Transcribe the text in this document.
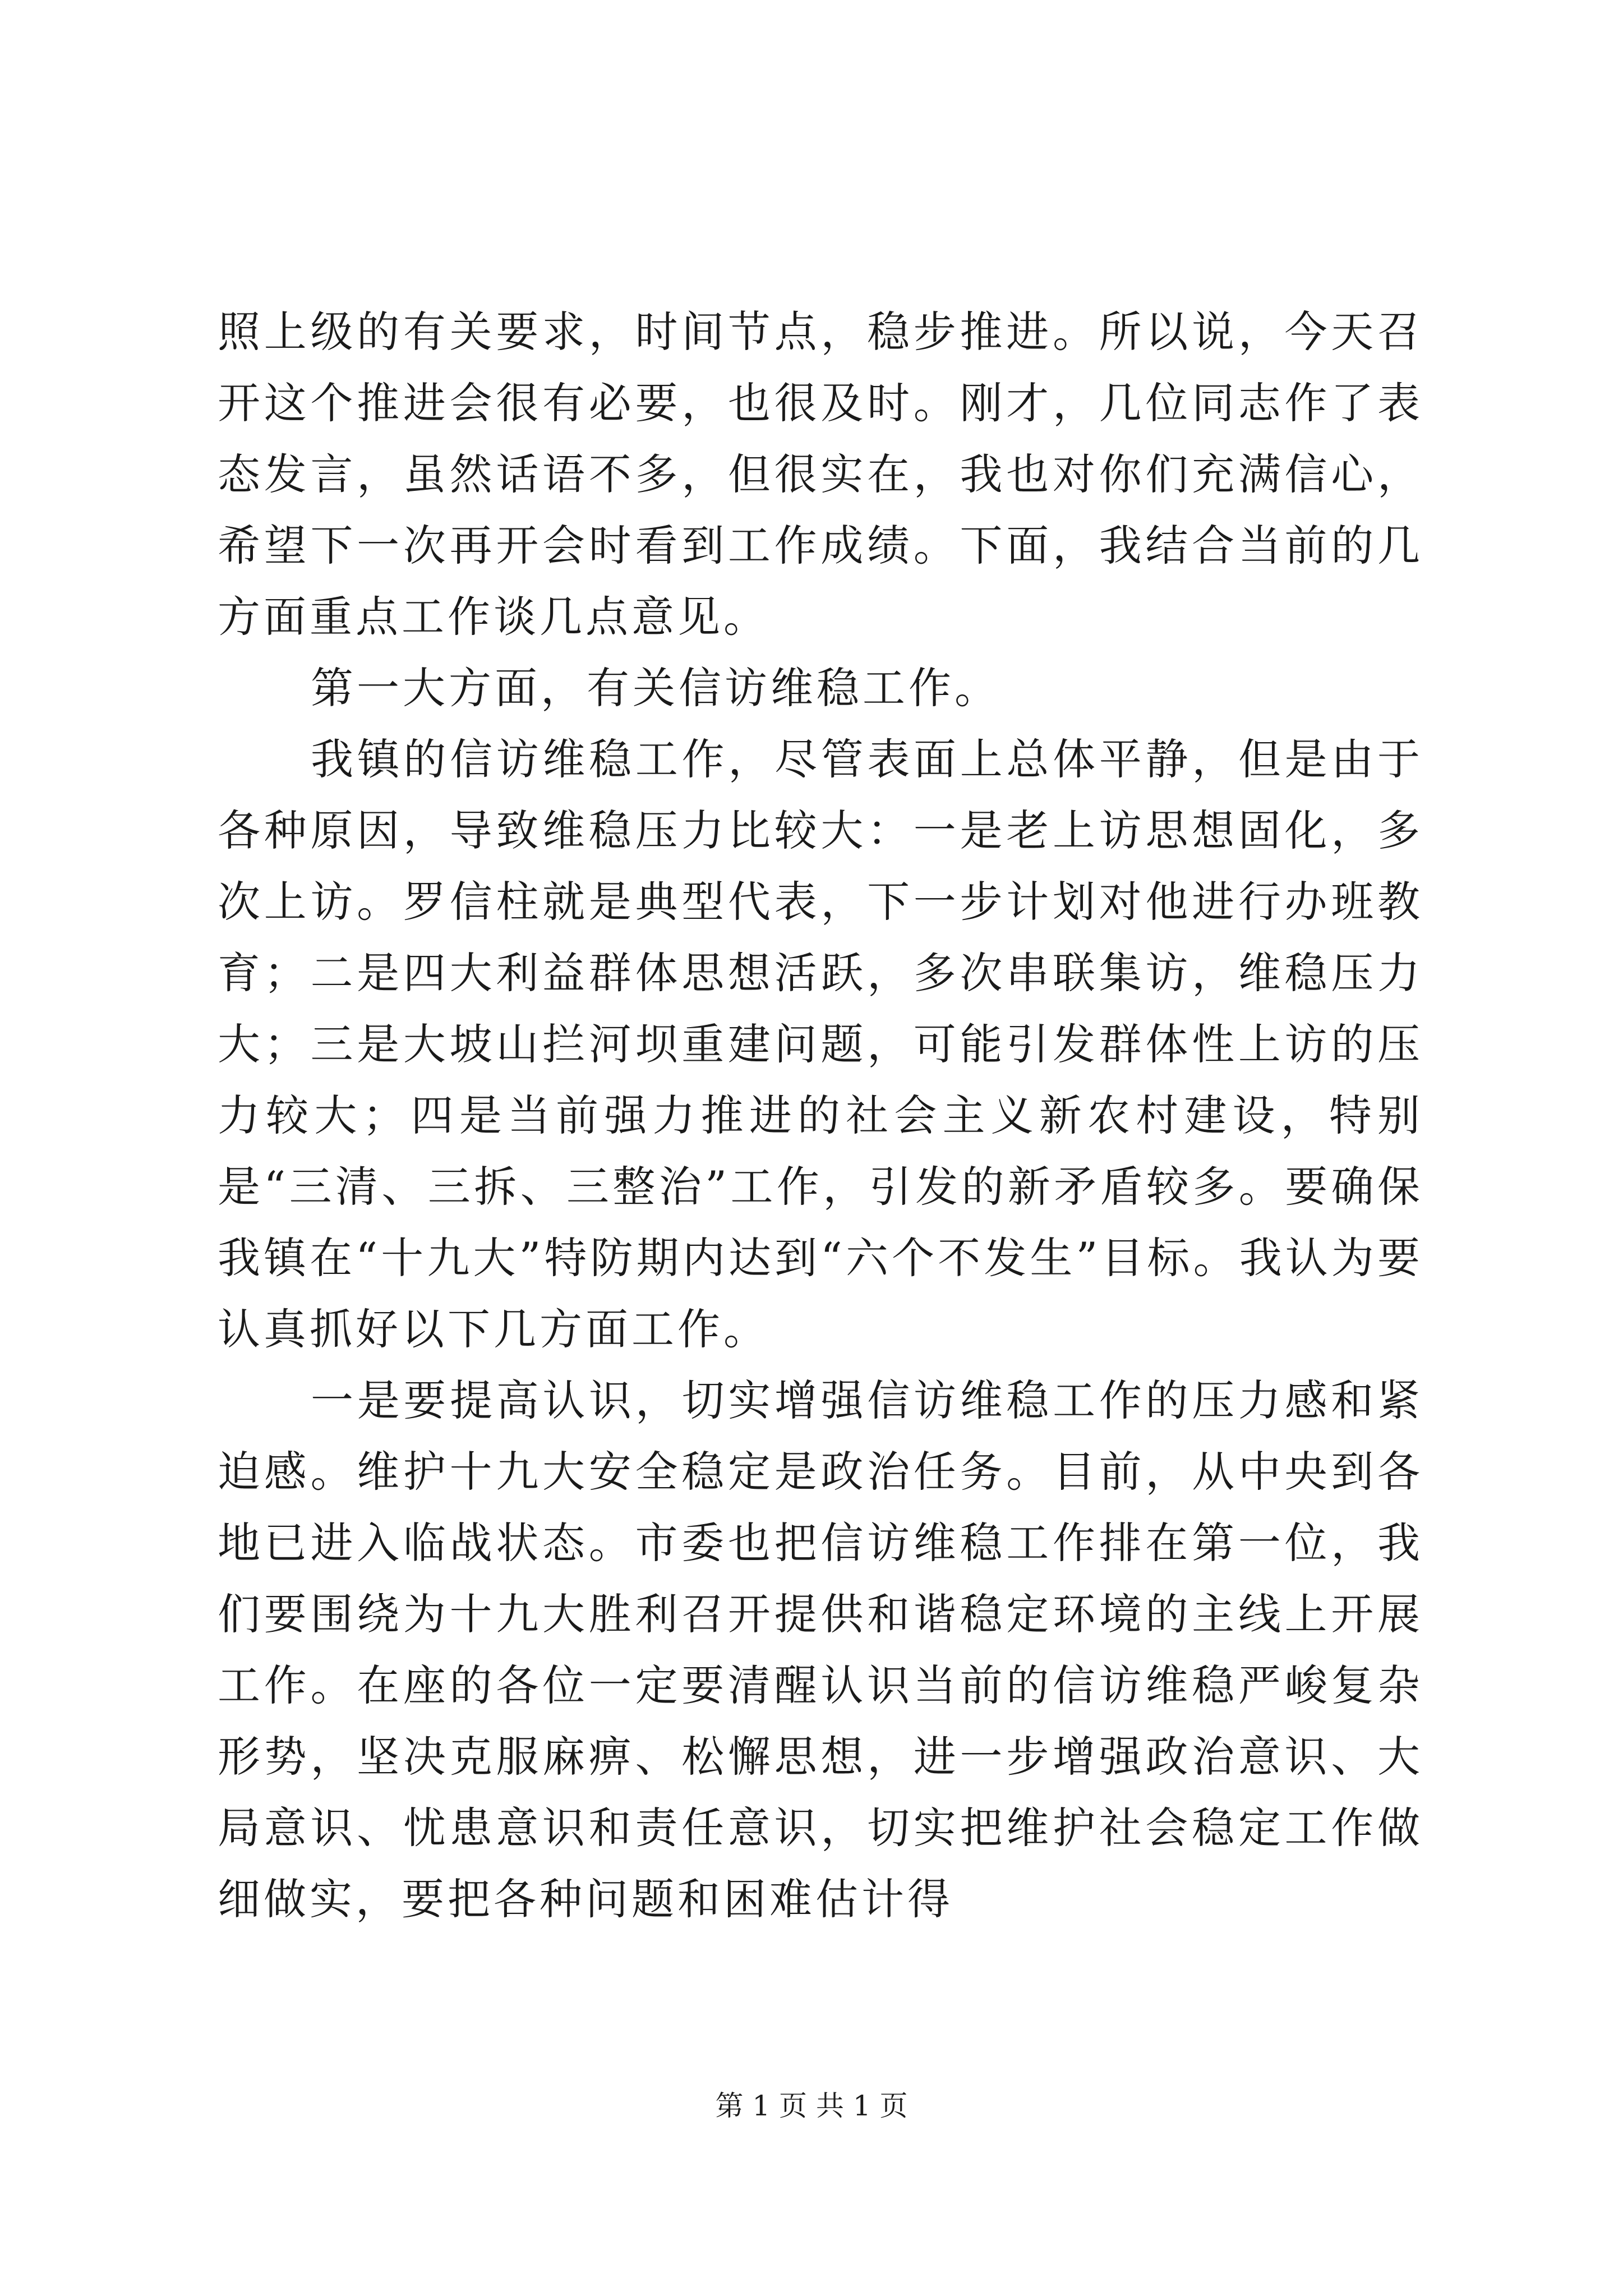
照上级的有关要求，时间节点，稳步推进。所以说，今天召开这个推进会很有必要，也很及时。刚才，几位同志作了表态发言，虽然话语不多，但很实在，我也对你们充满信心，希望下一次再开会时看到工作成绩。下面，我结合当前的几方面重点工作谈几点意见。

第一大方面，有关信访维稳工作。

我镇的信访维稳工作，尽管表面上总体平静，但是由于各种原因，导致维稳压力比较大：一是老上访思想固化，多次上访。罗信柱就是典型代表，下一步计划对他进行办班教育；二是四大利益群体思想活跃，多次串联集访，维稳压力大；三是大坡山拦河坝重建问题，可能引发群体性上访的压力较大；四是当前强力推进的社会主义新农村建设，特别是“三清、三拆、三整治”工作，引发的新矛盾较多。要确保我镇在“十九大”特防期内达到“六个不发生”目标。我认为要认真抓好以下几方面工作。

一是要提高认识，切实增强信访维稳工作的压力感和紧迫感。维护十九大安全稳定是政治任务。目前，从中央到各地已进入临战状态。市委也把信访维稳工作排在第一位，我们要围绕为十九大胜利召开提供和谐稳定环境的主线上开展工作。在座的各位一定要清醒认识当前的信访维稳严峻复杂形势，坚决克服麻痹、松懈思想，进一步增强政治意识、大局意识、忧患意识和责任意识，切实把维护社会稳定工作做细做实，要把各种问题和困难估计得

第 1 页 共 1 页
